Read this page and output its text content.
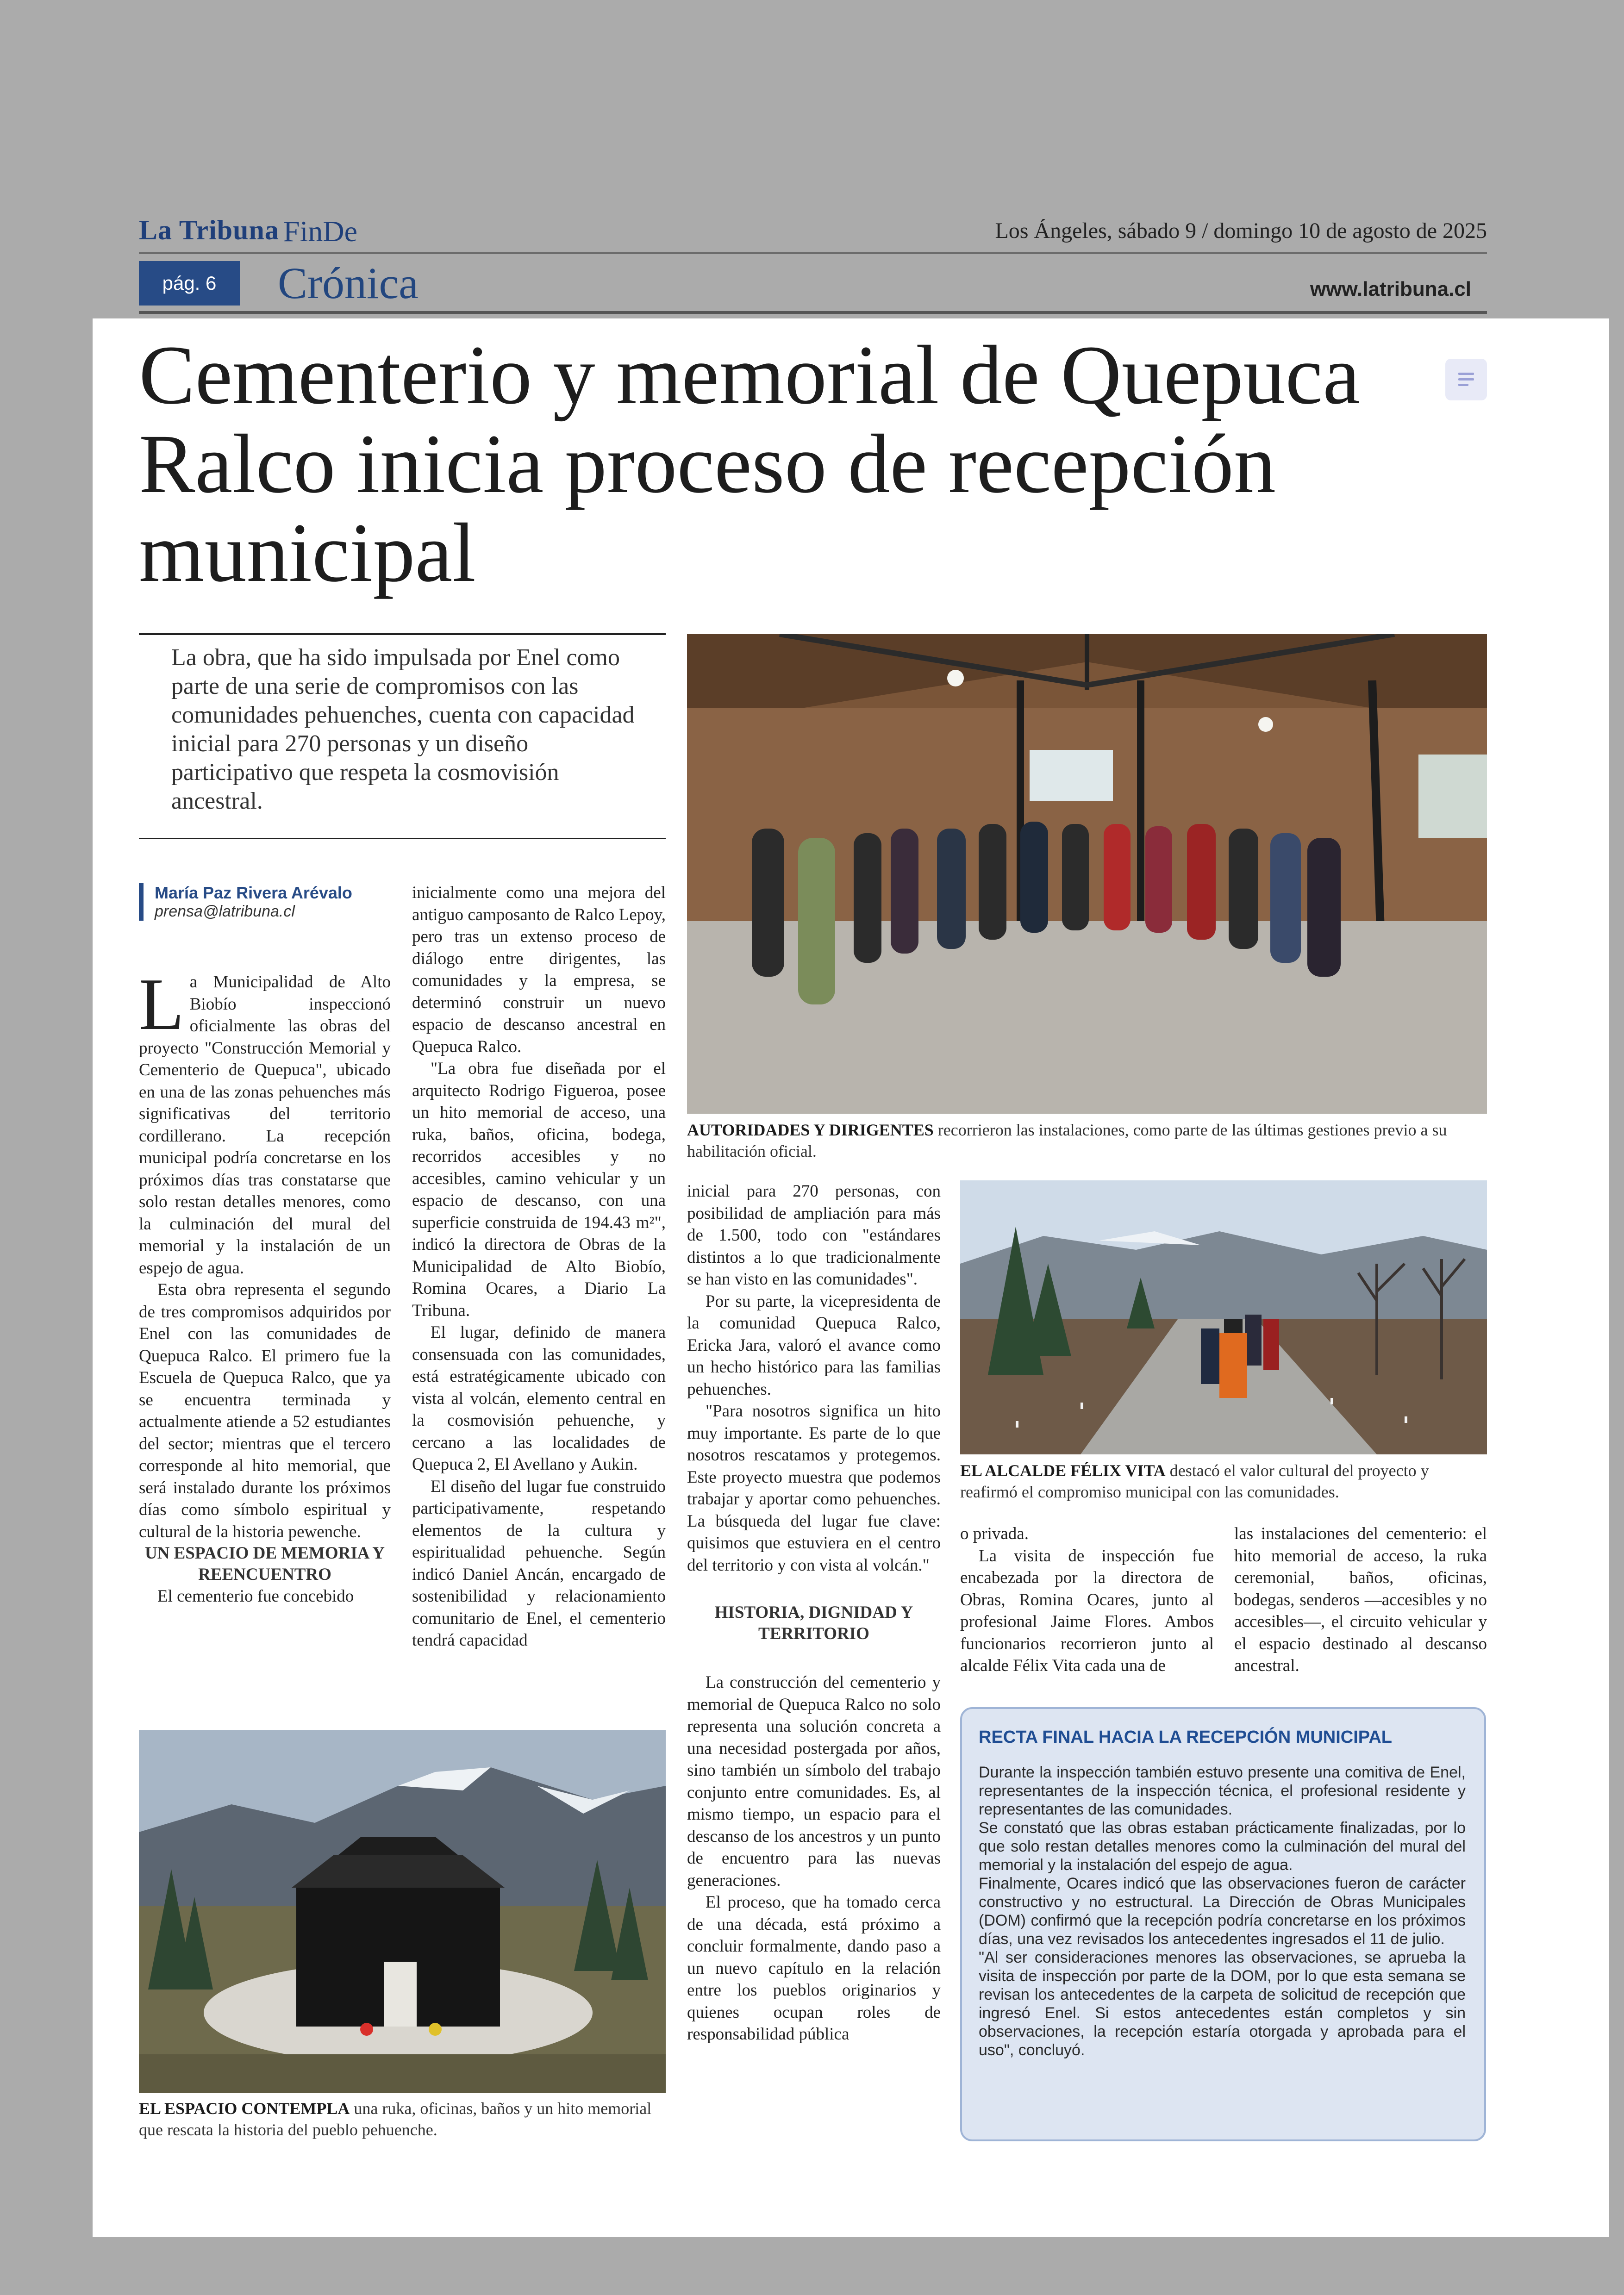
La Tribuna FinDe	Los Ángeles, sábado 9 / domingo 10 de agosto de 2025
pág. 6	Crónica	www.latribuna.cl
Cementerio y memorial de Quepuca Ralco inicia proceso de recepción municipal

La obra, que ha sido impulsada por Enel como parte de una serie de compromisos con las comunidades pehuenches, cuenta con capacidad inicial para 270 personas y un diseño participativo que respeta la cosmovisión ancestral.

María Paz Rivera Arévalo
prensa@latribuna.cl

La Municipalidad de Alto Biobío inspeccionó oficialmente las obras del proyecto "Construcción Memorial y Cementerio de Quepuca", ubicado en una de las zonas pehuenches más significativas del territorio cordillerano. La recepción municipal podría concretarse en los próximos días tras constatarse que solo restan detalles menores, como la culminación del mural del memorial y la instalación de un espejo de agua.

Esta obra representa el segundo de tres compromisos adquiridos por Enel con las comunidades de Quepuca Ralco. El primero fue la Escuela de Quepuca Ralco, que ya se encuentra terminada y actualmente atiende a 52 estudiantes del sector; mientras que el tercero corresponde al hito memorial, que será instalado durante los próximos días como símbolo espiritual y cultural de la historia pewenche.

UN ESPACIO DE MEMORIA Y REENCUENTRO

El cementerio fue concebido

inicialmente como una mejora del antiguo camposanto de Ralco Lepoy, pero tras un extenso proceso de diálogo entre dirigentes, las comunidades y la empresa, se determinó construir un nuevo espacio de descanso ancestral en Quepuca Ralco.

"La obra fue diseñada por el arquitecto Rodrigo Figueroa, posee un hito memorial de acceso, una ruka, baños, oficina, bodega, recorridos accesibles y no accesibles, camino vehicular y un espacio de descanso, con una superficie construida de 194.43 m²", indicó la directora de Obras de la Municipalidad de Alto Biobío, Romina Ocares, a Diario La Tribuna.

El lugar, definido de manera consensuada con las comunidades, está estratégicamente ubicado con vista al volcán, elemento central en la cosmovisión pehuenche, y cercano a las localidades de Quepuca 2, El Avellano y Aukin.

El diseño del lugar fue construido participativamente, respetando elementos de la cultura y espiritualidad pehuenche. Según indicó Daniel Ancán, encargado de sostenibilidad y relacionamiento comunitario de Enel, el cementerio tendrá capacidad

AUTORIDADES Y DIRIGENTES recorrieron las instalaciones, como parte de las últimas gestiones previo a su habilitación oficial.

inicial para 270 personas, con posibilidad de ampliación para más de 1.500, todo con "estándares distintos a lo que tradicionalmente se han visto en las comunidades".

Por su parte, la vicepresidenta de la comunidad Quepuca Ralco, Ericka Jara, valoró el avance como un hecho histórico para las familias pehuenches.

"Para nosotros significa un hito muy importante. Es parte de lo que nosotros rescatamos y protegemos. Este proyecto muestra que podemos trabajar y aportar como pehuenches. La búsqueda del lugar fue clave: quisimos que estuviera en el centro del territorio y con vista al volcán."

HISTORIA, DIGNIDAD Y TERRITORIO

La construcción del cementerio y memorial de Quepuca Ralco no solo representa una solución concreta a una necesidad postergada por años, sino también un símbolo del trabajo conjunto entre comunidades. Es, al mismo tiempo, un espacio para el descanso de los ancestros y un punto de encuentro para las nuevas generaciones.

El proceso, que ha tomado cerca de una década, está próximo a concluir formalmente, dando paso a un nuevo capítulo en la relación entre los pueblos originarios y quienes ocupan roles de responsabilidad pública

EL ALCALDE FÉLIX VITA destacó el valor cultural del proyecto y reafirmó el compromiso municipal con las comunidades.

o privada.

La visita de inspección fue encabezada por la directora de Obras, Romina Ocares, junto al profesional Jaime Flores. Ambos funcionarios recorrieron junto al alcalde Félix Vita cada una de

las instalaciones del cementerio: el hito memorial de acceso, la ruka ceremonial, baños, oficinas, bodegas, senderos —accesibles y no accesibles—, el circuito vehicular y el espacio destinado al descanso ancestral.

RECTA FINAL HACIA LA RECEPCIÓN MUNICIPAL

Durante la inspección también estuvo presente una comitiva de Enel, representantes de la inspección técnica, el profesional residente y representantes de las comunidades.

Se constató que las obras estaban prácticamente finalizadas, por lo que solo restan detalles menores como la culminación del mural del memorial y la instalación del espejo de agua.

Finalmente, Ocares indicó que las observaciones fueron de carácter constructivo y no estructural. La Dirección de Obras Municipales (DOM) confirmó que la recepción podría concretarse en los próximos días, una vez revisados los antecedentes ingresados el 11 de julio.

"Al ser consideraciones menores las observaciones, se aprueba la visita de inspección por parte de la DOM, por lo que esta semana se revisan los antecedentes de la carpeta de solicitud de recepción que ingresó Enel. Si estos antecedentes están completos y sin observaciones, la recepción estaría otorgada y aprobada para el uso", concluyó.

EL ESPACIO CONTEMPLA una ruka, oficinas, baños y un hito memorial que rescata la historia del pueblo pehuenche.
